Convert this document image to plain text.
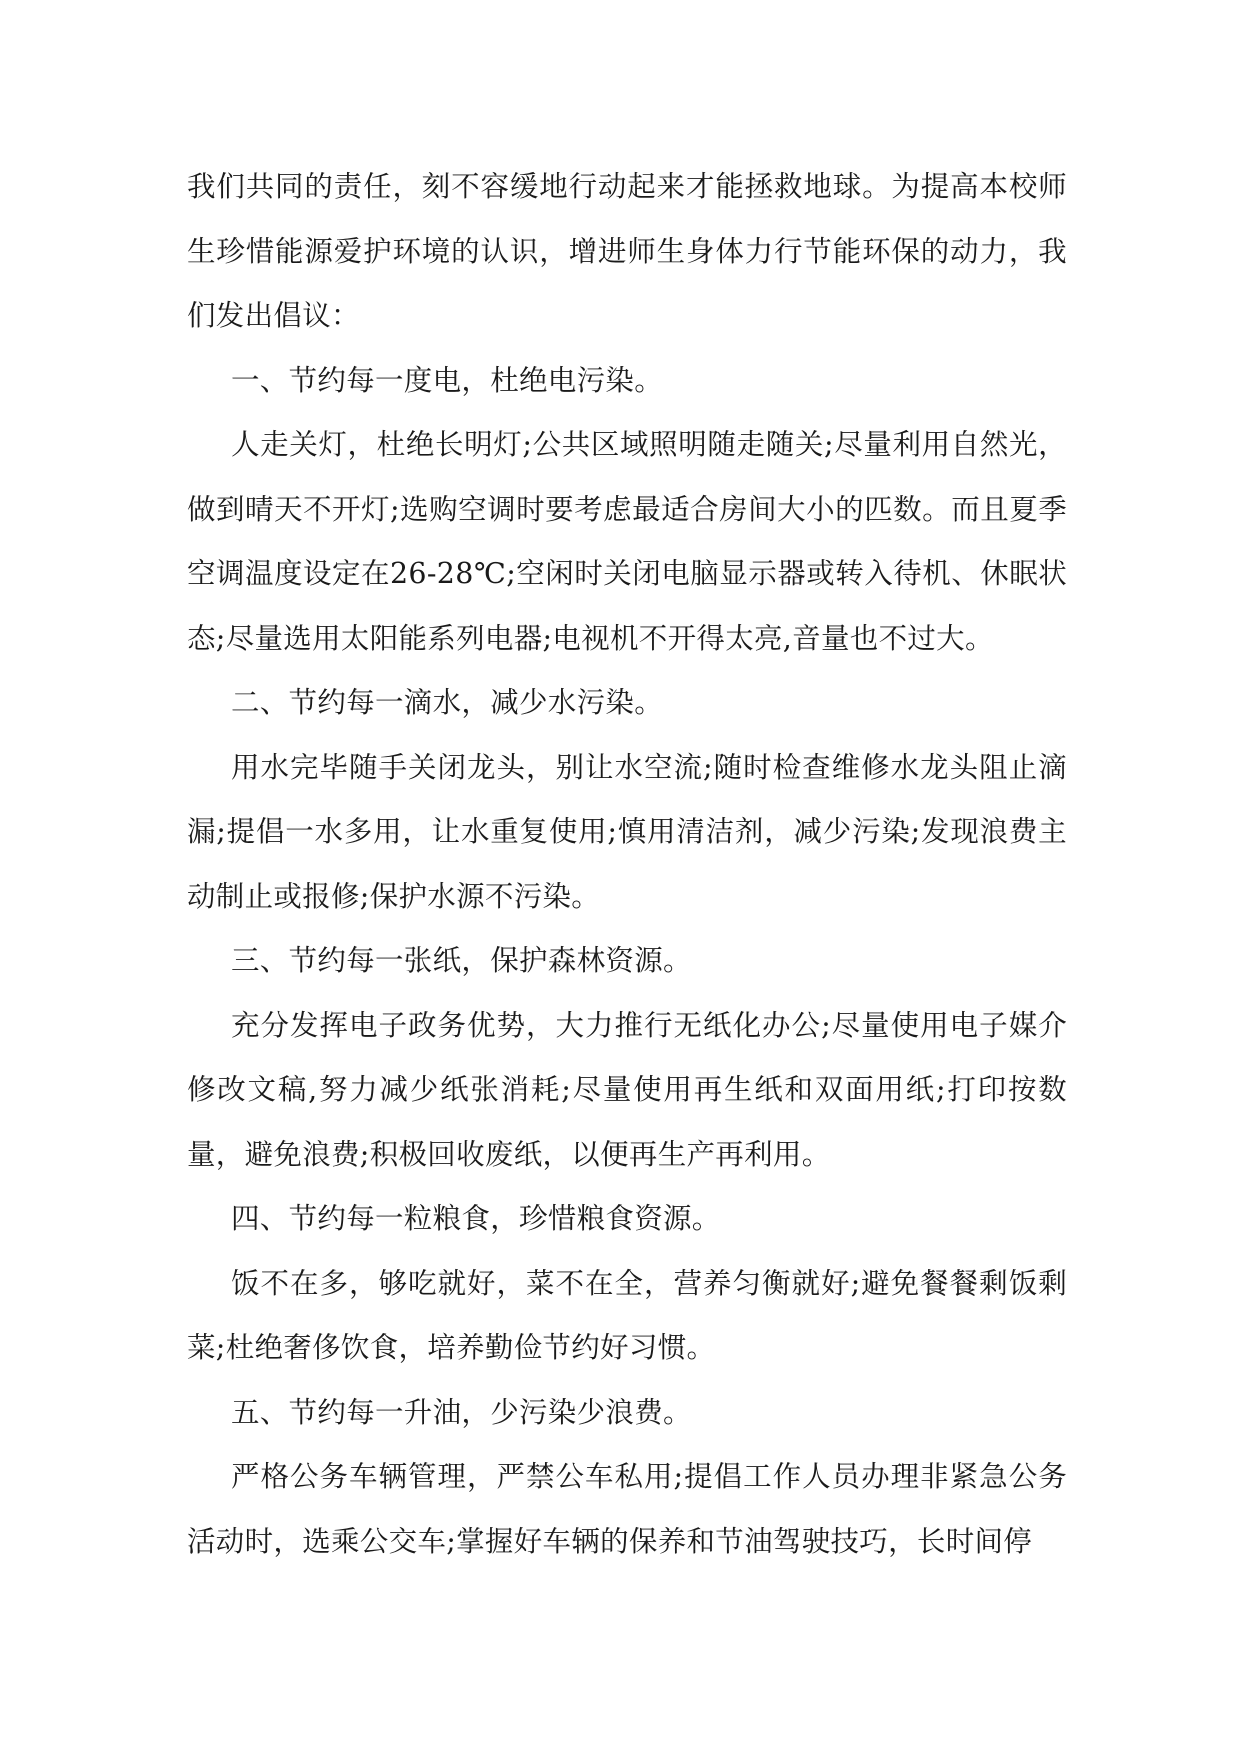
我们共同的责任，刻不容缓地行动起来才能拯救地球。为提高本校师生珍惜能源爱护环境的认识，增进师生身体力行节能环保的动力，我们发出倡议：

一、节约每一度电，杜绝电污染。

人走关灯，杜绝长明灯;公共区域照明随走随关;尽量利用自然光，做到晴天不开灯;选购空调时要考虑最适合房间大小的匹数。而且夏季空调温度设定在26-28℃;空闲时关闭电脑显示器或转入待机、休眠状态;尽量选用太阳能系列电器;电视机不开得太亮,音量也不过大。

二、节约每一滴水，减少水污染。

用水完毕随手关闭龙头，别让水空流;随时检查维修水龙头阻止滴漏;提倡一水多用，让水重复使用;慎用清洁剂，减少污染;发现浪费主动制止或报修;保护水源不污染。

三、节约每一张纸，保护森林资源。

充分发挥电子政务优势，大力推行无纸化办公;尽量使用电子媒介修改文稿,努力减少纸张消耗;尽量使用再生纸和双面用纸;打印按数量，避免浪费;积极回收废纸，以便再生产再利用。

四、节约每一粒粮食，珍惜粮食资源。

饭不在多，够吃就好，菜不在全，营养匀衡就好;避免餐餐剩饭剩菜;杜绝奢侈饮食，培养勤俭节约好习惯。

五、节约每一升油，少污染少浪费。

严格公务车辆管理，严禁公车私用;提倡工作人员办理非紧急公务活动时，选乘公交车;掌握好车辆的保养和节油驾驶技巧，长时间停
